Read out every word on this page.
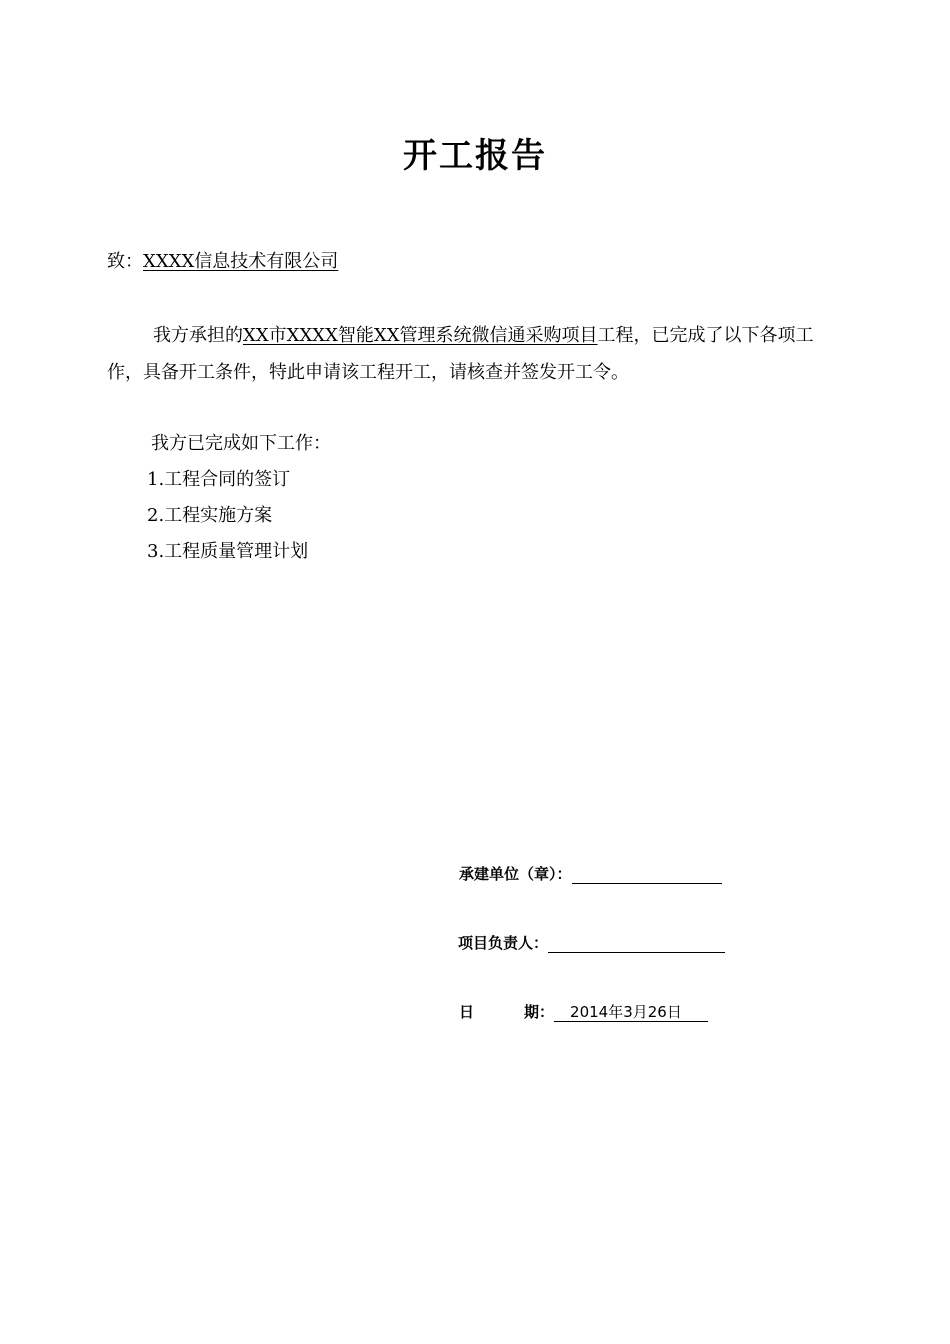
开工报告
致：XXXX信息技术有限公司
我方承担的XX市XXXX智能XX管理系统微信通采购项目工程，已完成了以下各项工
作，具备开工条件，特此申请该工程开工，请核查并签发开工令。
我方已完成如下工作：
1.工程合同的签订
2.工程实施方案
3.工程质量管理计划
承建单位（章）：
项目负责人：
日	期： 2014年3月26日
